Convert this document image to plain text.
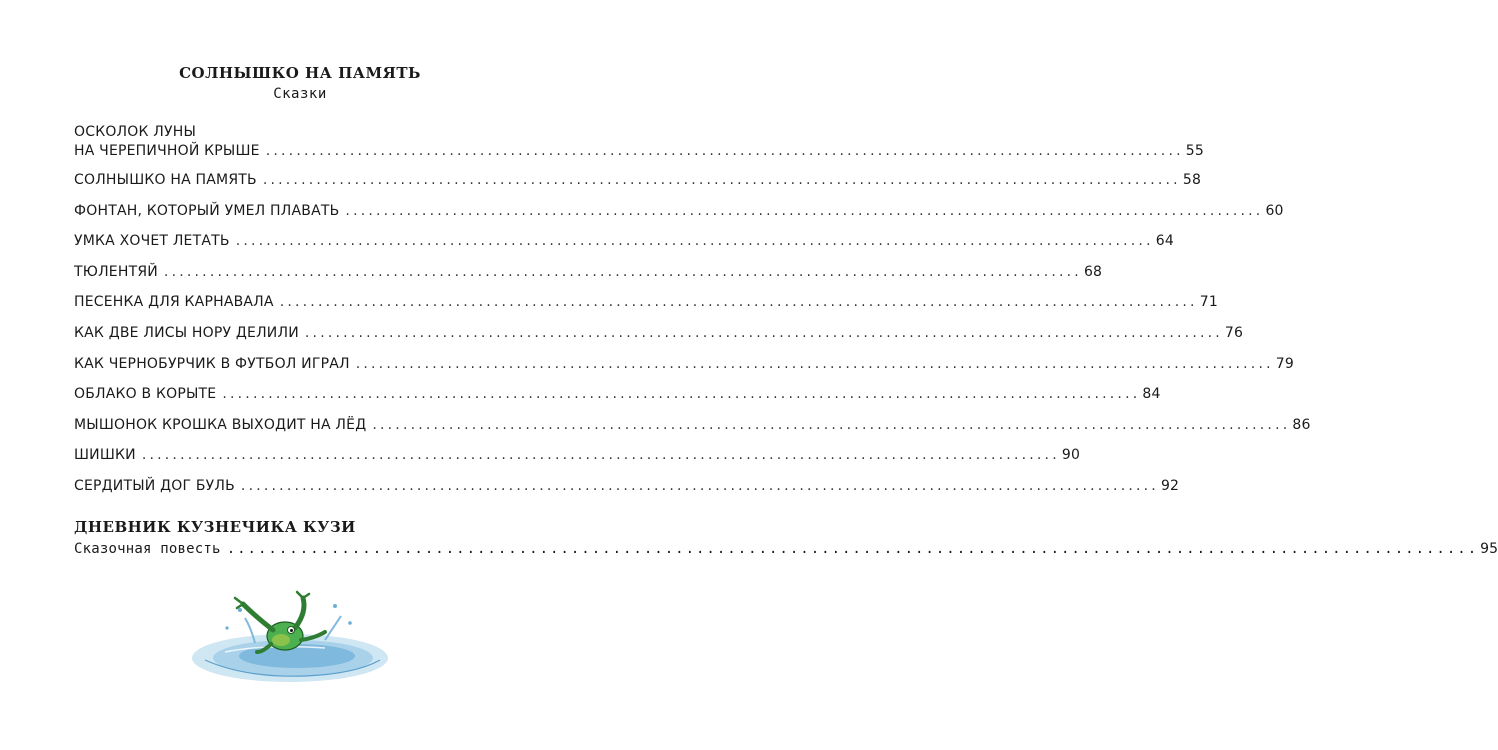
СОЛНЫШКО НА ПАМЯТЬ
Сказки
ОСКОЛОК ЛУНЫ
НА ЧЕРЕПИЧНОЙ КРЫШЕ ........................................................................................................................ 55
СОЛНЫШКО НА ПАМЯТЬ ........................................................................................................................ 58
ФОНТАН, КОТОРЫЙ УМЕЛ ПЛАВАТЬ ........................................................................................................................ 60
УМКА ХОЧЕТ ЛЕТАТЬ ........................................................................................................................ 64
ТЮЛЕНТЯЙ ........................................................................................................................ 68
ПЕСЕНКА ДЛЯ КАРНАВАЛА ........................................................................................................................ 71
КАК ДВЕ ЛИСЫ НОРУ ДЕЛИЛИ ........................................................................................................................ 76
КАК ЧЕРНОБУРЧИК В ФУТБОЛ ИГРАЛ ........................................................................................................................ 79
ОБЛАКО В КОРЫТЕ ........................................................................................................................ 84
МЫШОНОК КРОШКА ВЫХОДИТ НА ЛЁД ........................................................................................................................ 86
ШИШКИ ........................................................................................................................ 90
СЕРДИТЫЙ ДОГ БУЛЬ ........................................................................................................................ 92
ДНЕВНИК КУЗНЕЧИКА КУЗИ
Сказочная повесть ........................................................................................................................ 95
